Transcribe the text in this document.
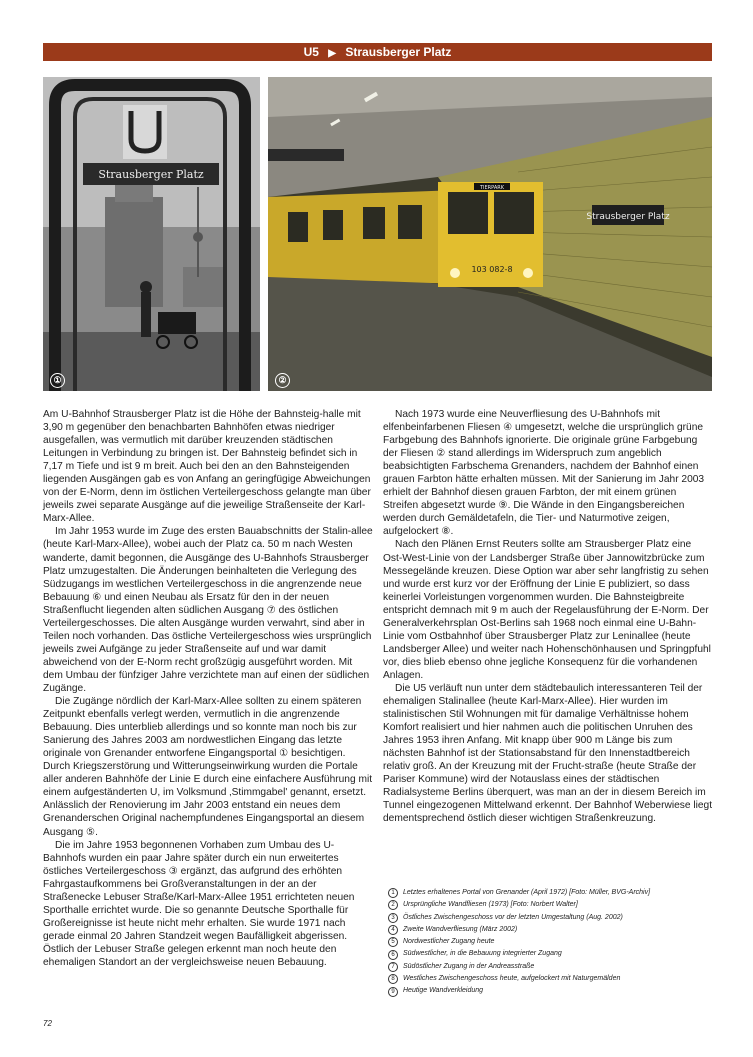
U5 ▶ Strausberger Platz
Strausberger Platz
①
Strausberger Platz
TIERPARK
103 082-8
②

Am U-Bahnhof Strausberger Platz ist die Höhe der Bahnsteig-halle mit 3,90 m gegenüber den benachbarten Bahnhöfen etwas niedriger ausgefallen, was vermutlich mit darüber kreuzenden städtischen Leitungen in Verbindung zu bringen ist. Der Bahnsteig befindet sich in 7,17 m Tiefe und ist 9 m breit. Auch bei den an den Bahnsteigenden liegenden Ausgängen gab es von Anfang an geringfügige Abweichungen von der E-Norm, denn im östlichen Verteilergeschoss gelangte man über jeweils zwei separate Ausgänge auf die jeweilige Straßenseite der Karl-Marx-Allee.

Im Jahr 1953 wurde im Zuge des ersten Bauabschnitts der Stalin-allee (heute Karl-Marx-Allee), wobei auch der Platz ca. 50 m nach Westen wanderte, damit begonnen, die Ausgänge des U-Bahnhofs Strausberger Platz umzugestalten. Die Änderungen beinhalteten die Verlegung des Südzugangs im westlichen Verteilergeschoss in die angrenzende neue Bebauung ⑥ und einen Neubau als Ersatz für den in der neuen Straßenflucht liegenden alten südlichen Ausgang ⑦ des östlichen Verteilergeschosses. Die alten Ausgänge wurden verwahrt, sind aber in Teilen noch vorhanden. Das östliche Verteilergeschoss wies ursprünglich jeweils zwei Aufgänge zu jeder Straßenseite auf und war damit abweichend von der E-Norm recht großzügig ausgeführt worden. Mit dem Umbau der fünfziger Jahre verzichtete man auf einen der südlichen Zugänge.

Die Zugänge nördlich der Karl-Marx-Allee sollten zu einem späteren Zeitpunkt ebenfalls verlegt werden, vermutlich in die angrenzende Bebauung. Dies unterblieb allerdings und so konnte man noch bis zur Sanierung des Jahres 2003 am nordwestlichen Eingang das letzte originale von Grenander entworfene Eingangsportal ① besichtigen. Durch Kriegszerstörung und Witterungseinwirkung wurden die Portale aller anderen Bahnhöfe der Linie E durch eine einfachere Ausführung mit einem aufgeständerten U, im Volksmund ‚Stimmgabel' genannt, ersetzt. Anlässlich der Renovierung im Jahr 2003 entstand ein neues dem Grenanderschen Original nachempfundenes Eingangsportal an diesem Ausgang ⑤.

Die im Jahre 1953 begonnenen Vorhaben zum Umbau des U-Bahnhofs wurden ein paar Jahre später durch ein nun erweitertes östliches Verteilergeschoss ③ ergänzt, das aufgrund des erhöhten Fahrgastaufkommens bei Großveranstaltungen in der an der Straßenecke Lebuser Straße/Karl-Marx-Allee 1951 errichteten neuen Sporthalle errichtet wurde. Die so genannte Deutsche Sporthalle für Großereignisse ist heute nicht mehr erhalten. Sie wurde 1971 nach gerade einmal 20 Jahren Standzeit wegen Baufälligkeit abgerissen. Östlich der Lebuser Straße gelegen erkennt man noch heute den ehemaligen Standort an der vergleichsweise neuen Bebauung.

Nach 1973 wurde eine Neuverfliesung des U-Bahnhofs mit elfenbeinfarbenen Fliesen ④ umgesetzt, welche die ursprünglich grüne Farbgebung des Bahnhofs ignorierte. Die originale grüne Farbgebung der Fliesen ② stand allerdings im Widerspruch zum angeblich beabsichtigten Farbschema Grenanders, nachdem der Bahnhof einen grauen Farbton hätte erhalten müssen. Mit der Sanierung im Jahr 2003 erhielt der Bahnhof diesen grauen Farbton, der mit einem grünen Streifen abgesetzt wurde ⑨. Die Wände in den Eingangsbereichen werden durch Gemäldetafeln, die Tier- und Naturmotive zeigen, aufgelockert ⑧.

Nach den Plänen Ernst Reuters sollte am Strausberger Platz eine Ost-West-Linie von der Landsberger Straße über Jannowitzbrücke zum Messegelände kreuzen. Diese Option war aber sehr langfristig zu sehen und wurde erst kurz vor der Eröffnung der Linie E publiziert, so dass keinerlei Vorleistungen vorgenommen wurden. Die Bahnsteigbreite entspricht demnach mit 9 m auch der Regelausführung der E-Norm. Der Generalverkehrsplan Ost-Berlins sah 1968 noch einmal eine U-Bahn-Linie vom Ostbahnhof über Strausberger Platz zur Leninallee (heute Landsberger Allee) und weiter nach Hohenschönhausen und Springpfuhl vor, dies blieb ebenso ohne jegliche Konsequenz für die vorhandenen Anlagen.

Die U5 verläuft nun unter dem städtebaulich interessanteren Teil der ehemaligen Stalinallee (heute Karl-Marx-Allee). Hier wurden im stalinistischen Stil Wohnungen mit für damalige Verhältnisse hohem Komfort realisiert und hier nahmen auch die politischen Unruhen des Jahres 1953 ihren Anfang. Mit knapp über 900 m Länge bis zum nächsten Bahnhof ist der Stationsabstand für den Innenstadtbereich relativ groß. An der Kreuzung mit der Frucht-straße (heute Straße der Pariser Kommune) wird der Notauslass eines der städtischen Radialsysteme Berlins überquert, was man an der in diesem Bereich im Tunnel eingezogenen Mittelwand erkennt. Der Bahnhof Weberwiese liegt dementsprechend östlich dieser wichtigen Straßenkreuzung.

1	Letztes erhaltenes Portal von Grenander (April 1972) [Foto: Müller, BVG-Archiv]
2	Ursprüngliche Wandfliesen (1973) [Foto: Norbert Walter]
3	Östliches Zwischengeschoss vor der letzten Umgestaltung (Aug. 2002)
4	Zweite Wandverfliesung (März 2002)
5	Nordwestlicher Zugang heute
6	Südwestlicher, in die Bebauung integrierter Zugang
7	Südöstlicher Zugang in der Andreasstraße
8	Westliches Zwischengeschoss heute, aufgelockert mit Naturgemälden
9	Heutige Wandverkleidung
72
